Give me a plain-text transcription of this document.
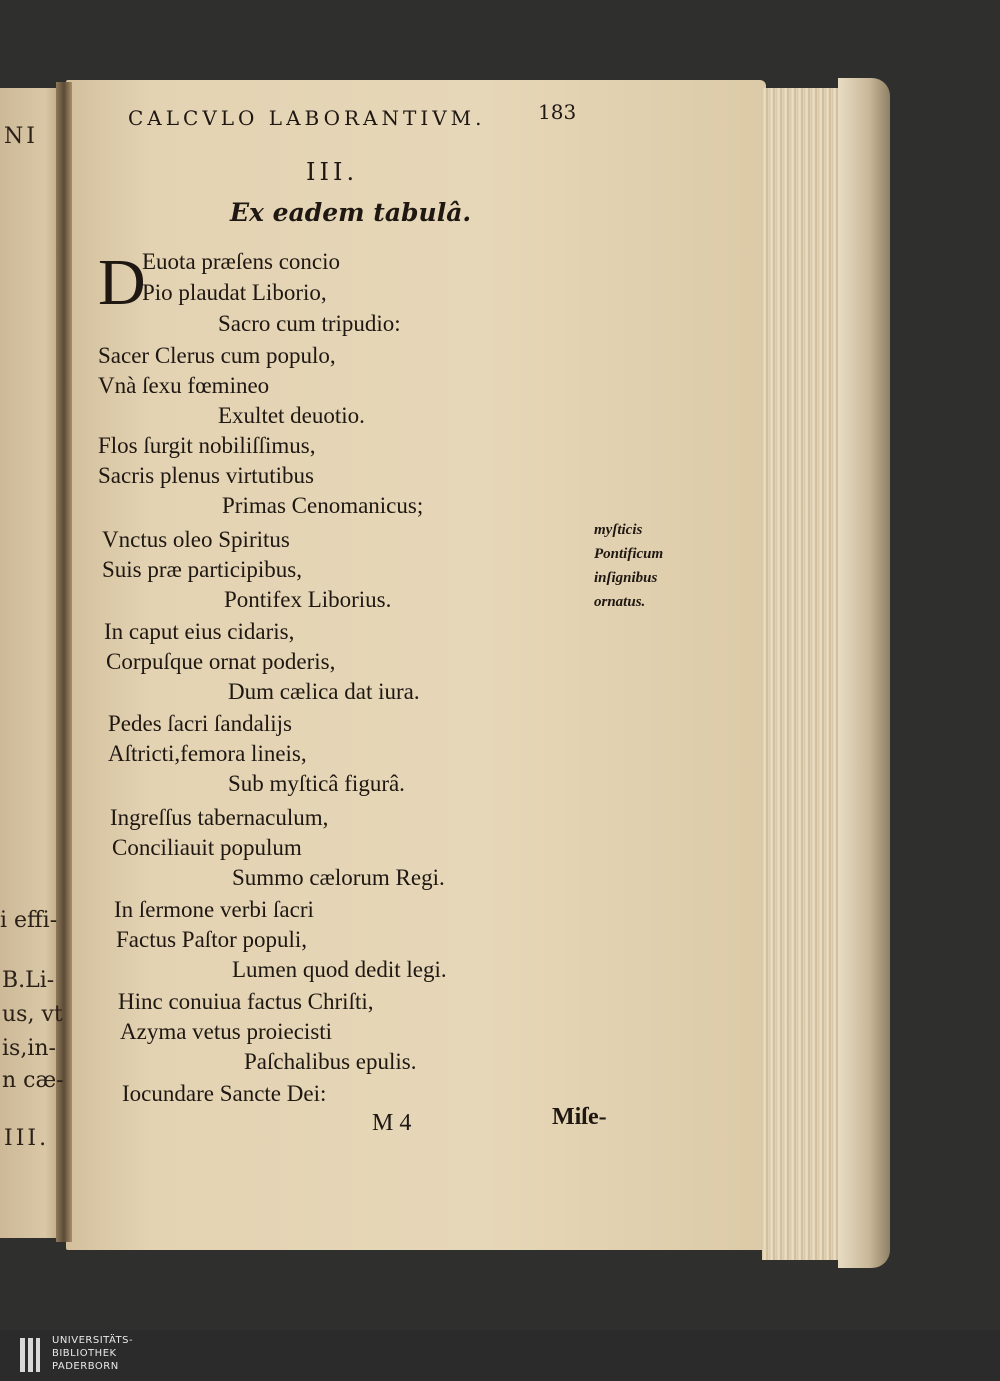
NI
i effi-
B.Li-
us, vt
is,in-
n cæ-
III.
CALCVLO LABORANTIVM.	183
III.
Ex eadem tabulâ.
D
Euota præſens concio
Pio plaudat Liborio,
Sacro cum tripudio:
Sacer Clerus cum populo,
Vnà ſexu fœmineo
Exultet deuotio.
Flos ſurgit nobiliſſimus,
Sacris plenus virtutibus
Primas Cenomanicus;
Vnctus oleo Spiritus
Suis præ participibus,
Pontifex Liborius.
In caput eius cidaris,
Corpuſque ornat poderis,
Dum cælica dat iura.
Pedes ſacri ſandalijs
Aſtricti,femora lineis,
Sub myſticâ figurâ.
Ingreſſus tabernaculum,
Conciliauit populum
Summo cælorum Regi.
In ſermone verbi ſacri
Factus Paſtor populi,
Lumen quod dedit legi.
Hinc conuiua factus Chriſti,
Azyma vetus proiecisti
Paſchalibus epulis.
Iocundare Sancte Dei:
myſticis
Pontificum
inſignibus
ornatus.
M 4	Miſe-
UNIVERSITÄTS-
BIBLIOTHEK
PADERBORN
